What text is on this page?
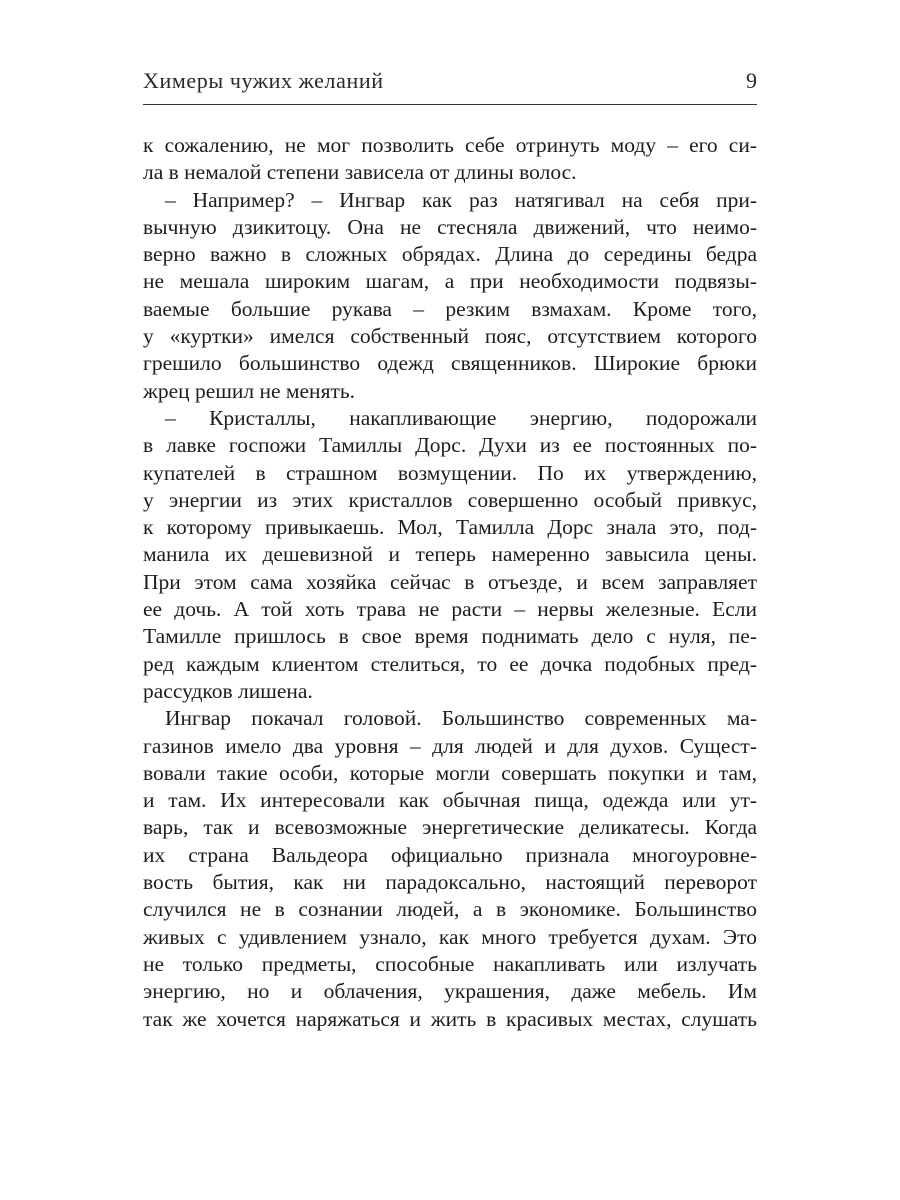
Химеры чужих желаний	9
к сожалению, не мог позволить себе отринуть моду – его си-
ла в немалой степени зависела от длины волос.
– Например? – Ингвар как раз натягивал на себя при-
вычную дзикитоцу. Она не стесняла движений, что неимо-
верно важно в сложных обрядах. Длина до середины бедра
не мешала широким шагам, а при необходимости подвязы-
ваемые большие рукава – резким взмахам. Кроме того,
у «куртки» имелся собственный пояс, отсутствием которого
грешило большинство одежд священников. Широкие брюки
жрец решил не менять.
– Кристаллы, накапливающие энергию, подорожали
в лавке госпожи Тамиллы Дорс. Духи из ее постоянных по-
купателей в страшном возмущении. По их утверждению,
у энергии из этих кристаллов совершенно особый привкус,
к которому привыкаешь. Мол, Тамилла Дорс знала это, под-
манила их дешевизной и теперь намеренно завысила цены.
При этом сама хозяйка сейчас в отъезде, и всем заправляет
ее дочь. А той хоть трава не расти – нервы железные. Если
Тамилле пришлось в свое время поднимать дело с нуля, пе-
ред каждым клиентом стелиться, то ее дочка подобных пред-
рассудков лишена.
Ингвар покачал головой. Большинство современных ма-
газинов имело два уровня – для людей и для духов. Сущест-
вовали такие особи, которые могли совершать покупки и там,
и там. Их интересовали как обычная пища, одежда или ут-
варь, так и всевозможные энергетические деликатесы. Когда
их страна Вальдеора официально признала многоуровне-
вость бытия, как ни парадоксально, настоящий переворот
случился не в сознании людей, а в экономике. Большинство
живых с удивлением узнало, как много требуется духам. Это
не только предметы, способные накапливать или излучать
энергию, но и облачения, украшения, даже мебель. Им
так же хочется наряжаться и жить в красивых местах, слушать
